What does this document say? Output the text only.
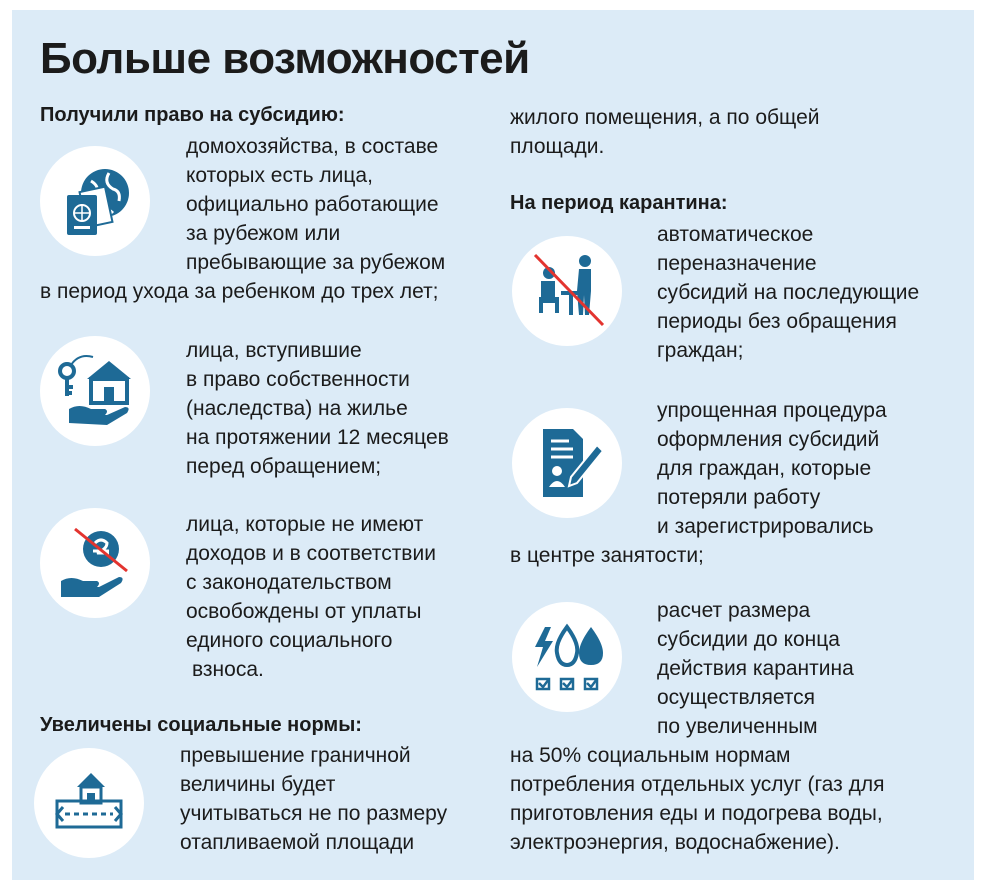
Больше возможностей
Получили право на субсидию:
домохозяйства, в составе
которых есть лица,
официально работающие
за рубежом или
пребывающие за рубежом
в период ухода за ребенком до трех лет;
лица, вступившие
в право собственности
(наследства) на жилье
на протяжении 12 месяцев
перед обращением;
лица, которые не имеют
доходов и в соответствии
с законодательством
освобождены от уплаты
единого социального
взноса.
Увеличены социальные нормы:
превышение граничной
величины будет
учитываться не по размеру
отапливаемой площади
жилого помещения, а по общей
площади.
На период карантина:
автоматическое
переназначение
субсидий на последующие
периоды без обращения
граждан;
упрощенная процедура
оформления субсидий
для граждан, которые
потеряли работу
и зарегистрировались
в центре занятости;
расчет размера
субсидии до конца
действия карантина
осуществляется
по увеличенным
на 50% социальным нормам
потребления отдельных услуг (газ для
приготовления еды и подогрева воды,
электроэнергия, водоснабжение).
